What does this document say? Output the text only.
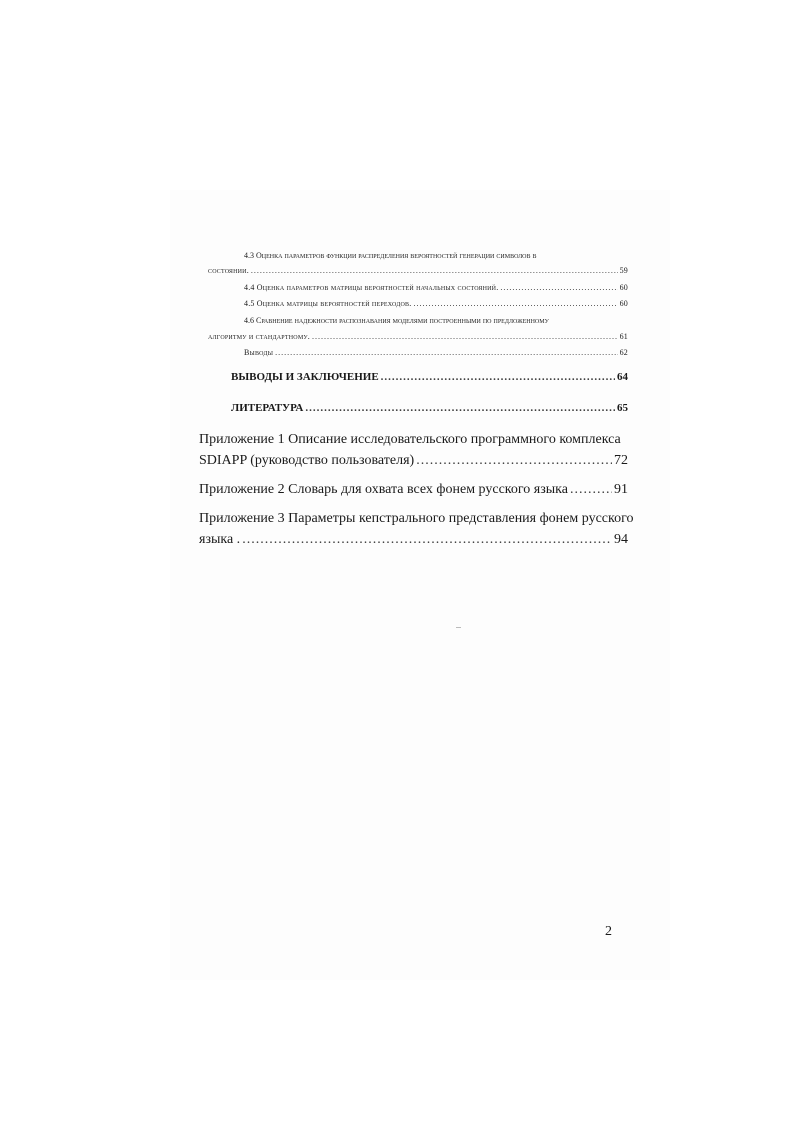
4.3 Оценка параметров функции распределения вероятностей генерации символов в
состоянии. .....	59
4.4 Оценка параметров матрицы вероятностей начальных состояний. .....	60
4.5 Оценка матрицы вероятностей переходов. .....	60
4.6 Сравнение надежности распознавания моделями построенными по предложенному
алгоритму и стандартному. .....	61
Выводы .....	62
ВЫВОДЫ И ЗАКЛЮЧЕНИЕ .....	64
ЛИТЕРАТУРА .....	65
Приложение 1 Описание исследовательского программного комплекса
SDIAPP (руководство пользователя) .....	72
Приложение 2 Словарь для охвата всех фонем русского языка .....	91
Приложение 3 Параметры кепстрального представления фонем русского
языка . .....	94
2
